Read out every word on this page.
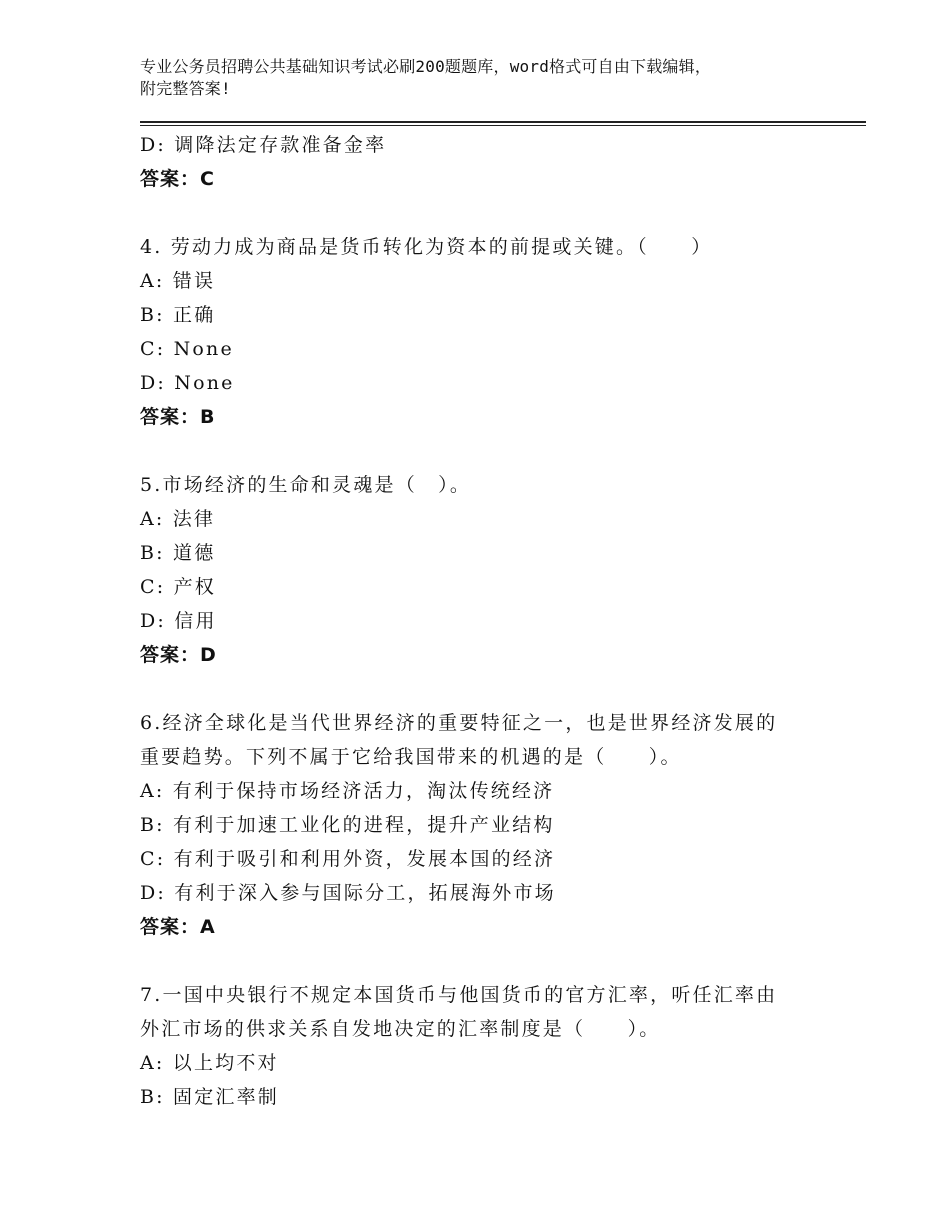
专业公务员招聘公共基础知识考试必刷200题题库，word格式可自由下载编辑，
附完整答案!
D: 调降法定存款准备金率
答案：C
4. 劳动力成为商品是货币转化为资本的前提或关键。（　　）
A: 错误
B: 正确
C: None
D: None
答案：B
5.市场经济的生命和灵魂是（　）。
A: 法律
B: 道德
C: 产权
D: 信用
答案：D
6.经济全球化是当代世界经济的重要特征之一，也是世界经济发展的
重要趋势。下列不属于它给我国带来的机遇的是（　　）。
A: 有利于保持市场经济活力，淘汰传统经济
B: 有利于加速工业化的进程，提升产业结构
C: 有利于吸引和利用外资，发展本国的经济
D: 有利于深入参与国际分工，拓展海外市场
答案：A
7.一国中央银行不规定本国货币与他国货币的官方汇率，听任汇率由
外汇市场的供求关系自发地决定的汇率制度是（　　）。
A: 以上均不对
B: 固定汇率制
